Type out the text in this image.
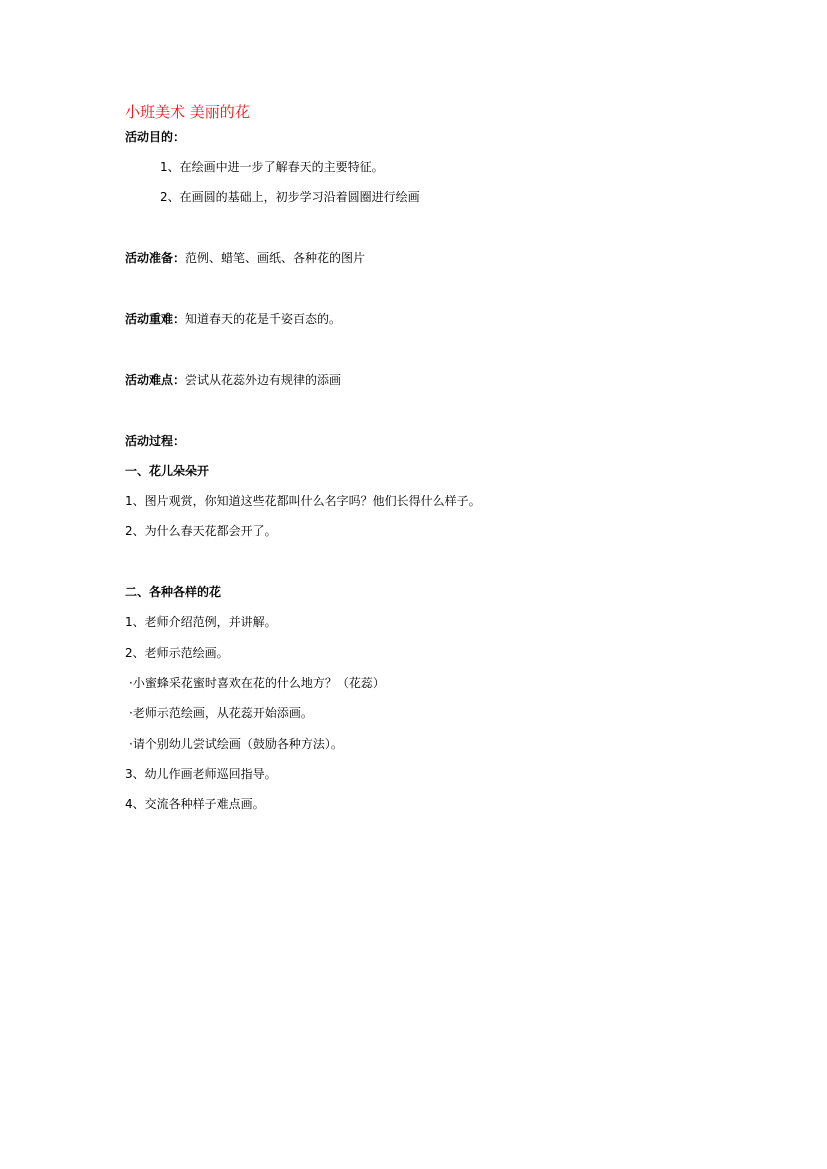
小班美术 美丽的花
活动目的：
1、在绘画中进一步了解春天的主要特征。
2、在画圆的基础上，初步学习沿着圆圈进行绘画
活动准备：范例、蜡笔、画纸、各种花的图片
活动重难：知道春天的花是千姿百态的。
活动难点：尝试从花蕊外边有规律的添画
活动过程：
一、花儿朵朵开
1、图片观赏，你知道这些花都叫什么名字吗？他们长得什么样子。
2、为什么春天花都会开了。
二、各种各样的花
1、老师介绍范例，并讲解。
2、老师示范绘画。
·小蜜蜂采花蜜时喜欢在花的什么地方？（花蕊）
·老师示范绘画，从花蕊开始添画。
·请个别幼儿尝试绘画（鼓励各种方法）。
3、幼儿作画老师巡回指导。
4、交流各种样子难点画。
